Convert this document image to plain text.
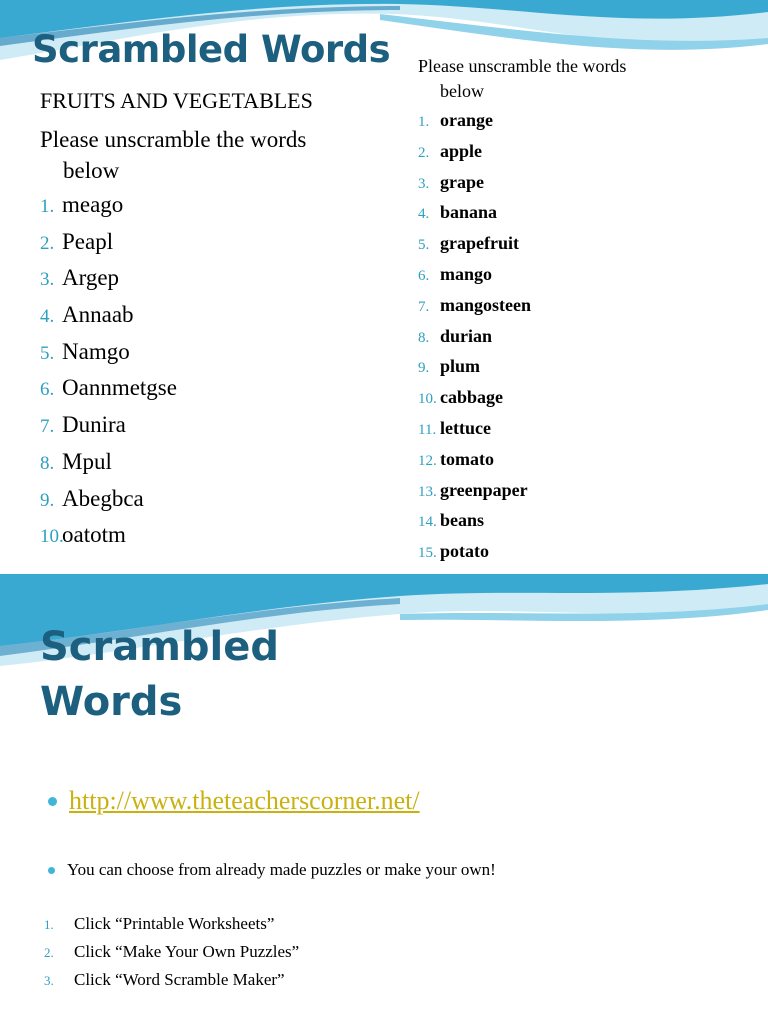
Scrambled Words

FRUITS AND VEGETABLES

Please unscramble the words
below

1. meago
2. Peapl
3. Argep
4. Annaab
5. Namgo
6. Oannmetgse
7. Dunira
8. Mpul
9. Abegbca
10.
oatotm

Please unscramble the words
below

1. orange
2. apple
3. grape
4. banana
5. grapefruit
6. mango
7. mangosteen
8. durian
9. plum
10. cabbage
11. lettuce
12. tomato
13. greenpaper
14. beans
15. potato
Scrambled
Words
http://www.theteacherscorner.net/
You can choose from already made puzzles or make your own!
1.	Click “Printable Worksheets”
2.	Click “Make Your Own Puzzles”
3.	Click “Word Scramble Maker”
